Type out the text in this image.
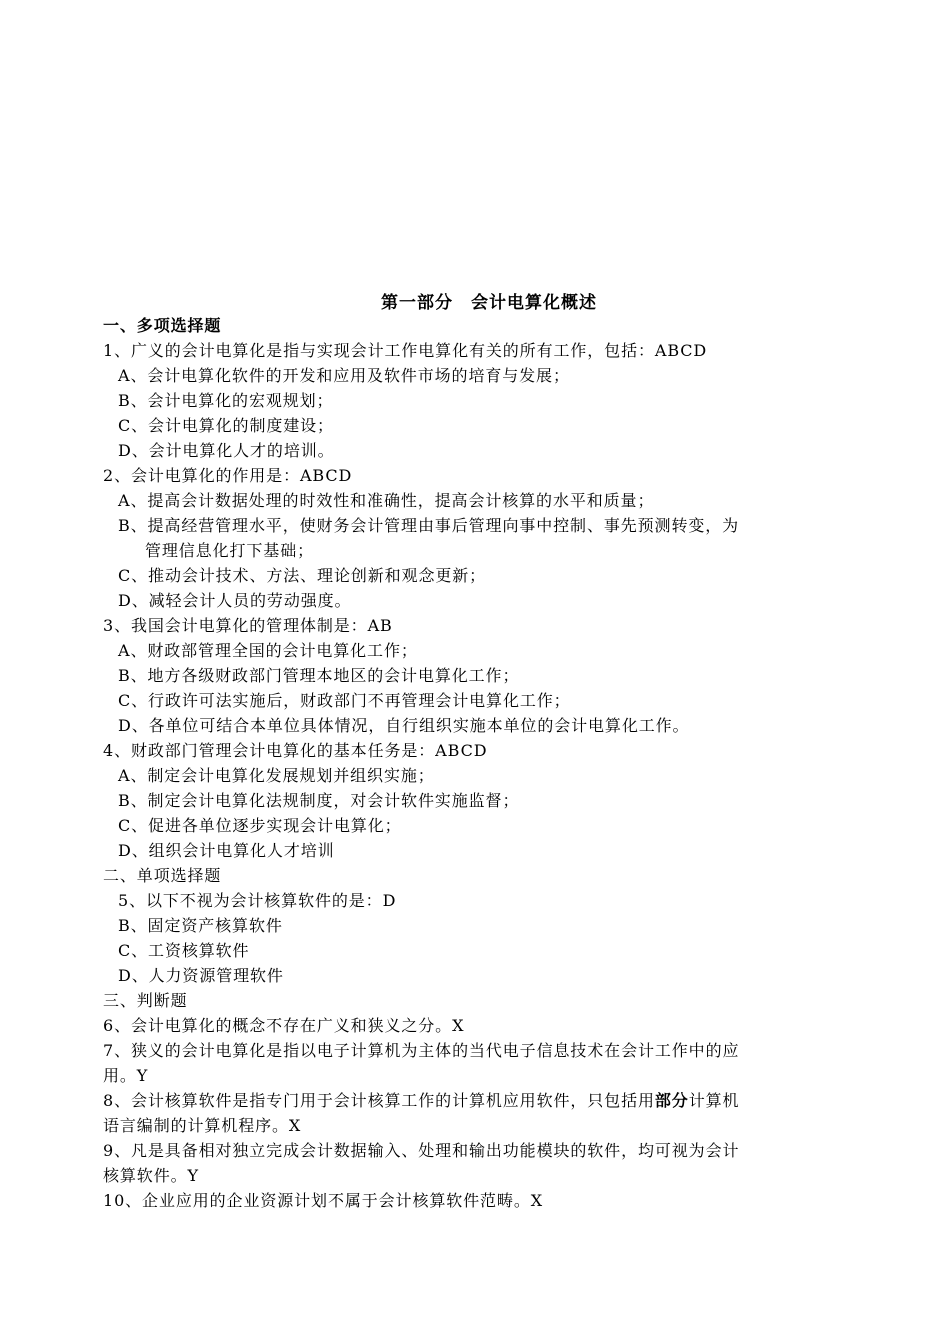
第一部分　会计电算化概述
一、多项选择题
1、广义的会计电算化是指与实现会计工作电算化有关的所有工作，包括：ABCD
A、会计电算化软件的开发和应用及软件市场的培育与发展；
B、会计电算化的宏观规划；
C、会计电算化的制度建设；
D、会计电算化人才的培训。
2、会计电算化的作用是：ABCD
A、提高会计数据处理的时效性和准确性，提高会计核算的水平和质量；
B、提高经营管理水平，使财务会计管理由事后管理向事中控制、事先预测转变，为
管理信息化打下基础；
C、推动会计技术、方法、理论创新和观念更新；
D、减轻会计人员的劳动强度。
3、我国会计电算化的管理体制是：AB
A、财政部管理全国的会计电算化工作；
B、地方各级财政部门管理本地区的会计电算化工作；
C、行政许可法实施后，财政部门不再管理会计电算化工作；
D、各单位可结合本单位具体情况，自行组织实施本单位的会计电算化工作。
4、财政部门管理会计电算化的基本任务是：ABCD
A、制定会计电算化发展规划并组织实施；
B、制定会计电算化法规制度，对会计软件实施监督；
C、促进各单位逐步实现会计电算化；
D、组织会计电算化人才培训
二、单项选择题
5、以下不视为会计核算软件的是：D
B、固定资产核算软件
C、工资核算软件
D、人力资源管理软件
三、判断题
6、会计电算化的概念不存在广义和狭义之分。X
7、狭义的会计电算化是指以电子计算机为主体的当代电子信息技术在会计工作中的应
用。Y
8、会计核算软件是指专门用于会计核算工作的计算机应用软件，只包括用部分计算机
语言编制的计算机程序。X
9、凡是具备相对独立完成会计数据输入、处理和输出功能模块的软件，均可视为会计
核算软件。Y
10、企业应用的企业资源计划不属于会计核算软件范畴。X
